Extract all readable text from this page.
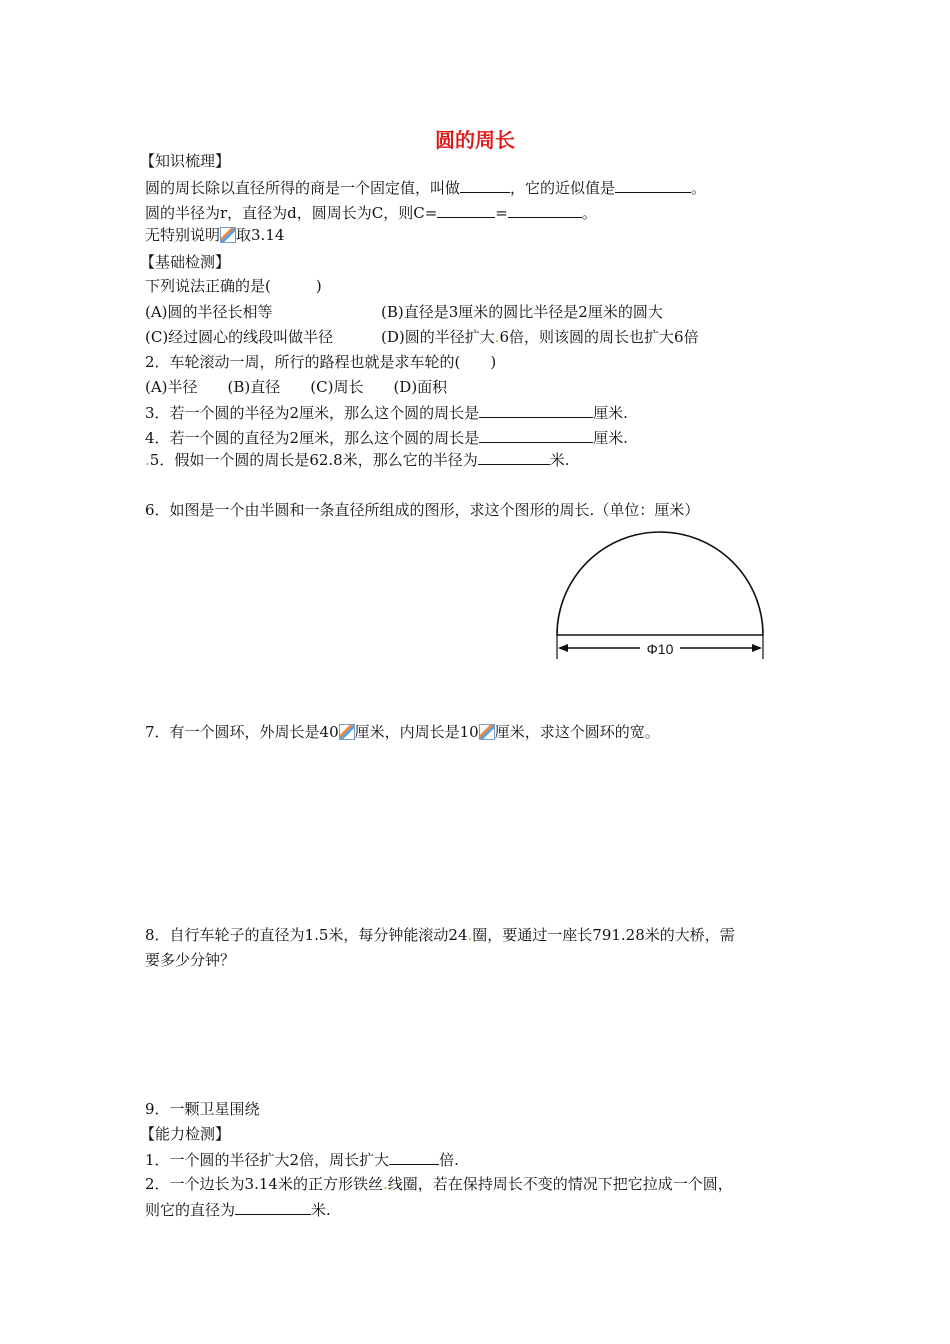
圆的周长
【知识梳理】
圆的周长除以直径所得的商是一个固定值，叫做	，它的近似值是	。
圆的半径为r，直径为d，圆周长为C，则C=	=	。
无特别说明 取3.14
【基础检测】
下列说法正确的是(　　　)
(A)圆的半径长相等	(B)直径是3厘米的圆比半径是2厘米的圆大
(C)经过圆心的线段叫做半径	(D)圆的半径扩大.6倍，则该圆的周长也扩大6倍
2．车轮滚动一周，所行的路程也就是求车轮的(　　)
(A)半径　　(B)直径　　(C)周长　　(D)面积
3．若一个圆的半径为2厘米，那么这个圆的周长是	厘米.
4．若一个圆的直径为2厘米，那么这个圆的周长是	厘米.
.5．假如一个圆的周长是62.8米，那么它的半径为	米.
6．如图是一个由半圆和一条直径所组成的图形，求这个图形的周长.（单位：厘米）
Φ10
7．有一个圆环，外周长是40 厘米，内周长是10 厘米，求这个圆环的宽。
8．自行车轮子的直径为1.5米，每分钟能滚动24.圈，要通过一座长791.28米的大桥，需
要多少分钟？
9．一颗卫星围绕
【能力检测】
1．一个圆的半径扩大2倍，周长扩大	倍.
2．一个边长为3.14米的正方形铁丝.线圈，若在保持周长不变的情况下把它拉成一个圆，
则它的直径为	米.
